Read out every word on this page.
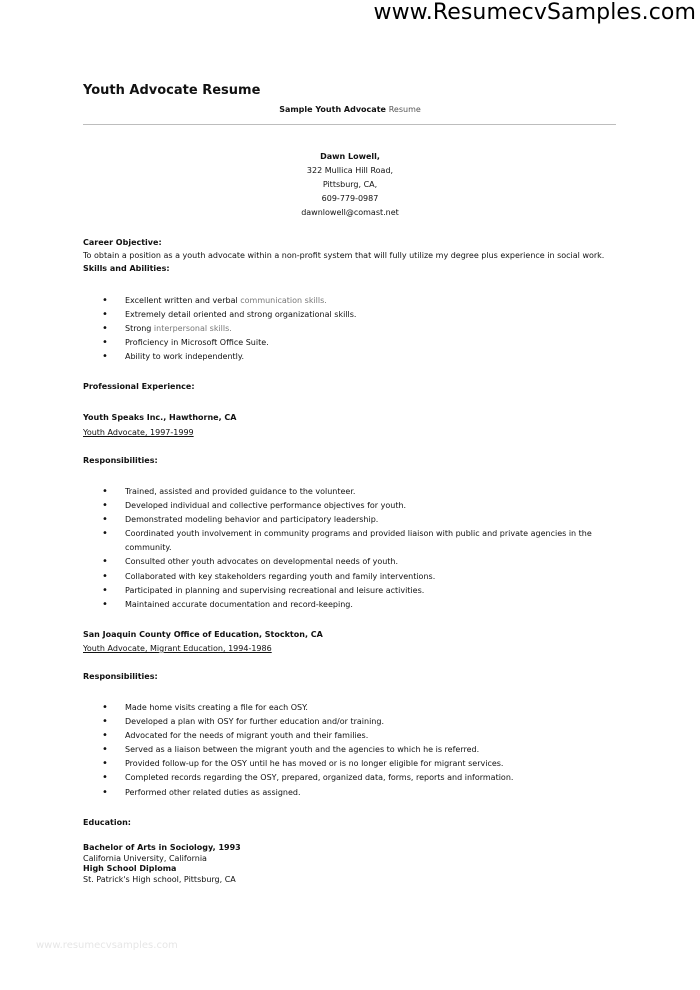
www.ResumecvSamples.com
Youth Advocate Resume
Sample Youth Advocate Resume
Dawn Lowell,
322 Mullica Hill Road,
Pittsburg, CA,
609-779-0987
dawnlowell@comast.net
Career Objective:
To obtain a position as a youth advocate within a non-profit system that will fully utilize my degree plus experience in social work.
Skills and Abilities:
• Excellent written and verbal communication skills.
• Extremely detail oriented and strong organizational skills.
• Strong interpersonal skills.
• Proficiency in Microsoft Office Suite.
• Ability to work independently.
Professional Experience:
Youth Speaks Inc., Hawthorne, CA
Youth Advocate, 1997-1999
Responsibilities:
• Trained, assisted and provided guidance to the volunteer.
• Developed individual and collective performance objectives for youth.
• Demonstrated modeling behavior and participatory leadership.
• Coordinated youth involvement in community programs and provided liaison with public and private agencies in the community.
• Consulted other youth advocates on developmental needs of youth.
• Collaborated with key stakeholders regarding youth and family interventions.
• Participated in planning and supervising recreational and leisure activities.
• Maintained accurate documentation and record-keeping.
San Joaquin County Office of Education, Stockton, CA
Youth Advocate, Migrant Education, 1994-1986
Responsibilities:
• Made home visits creating a file for each OSY.
• Developed a plan with OSY for further education and/or training.
• Advocated for the needs of migrant youth and their families.
• Served as a liaison between the migrant youth and the agencies to which he is referred.
• Provided follow-up for the OSY until he has moved or is no longer eligible for migrant services.
• Completed records regarding the OSY, prepared, organized data, forms, reports and information.
• Performed other related duties as assigned.
Education:
Bachelor of Arts in Sociology, 1993
California University, California
High School Diploma
St. Patrick's High school, Pittsburg, CA
www.resumecvsamples.com
